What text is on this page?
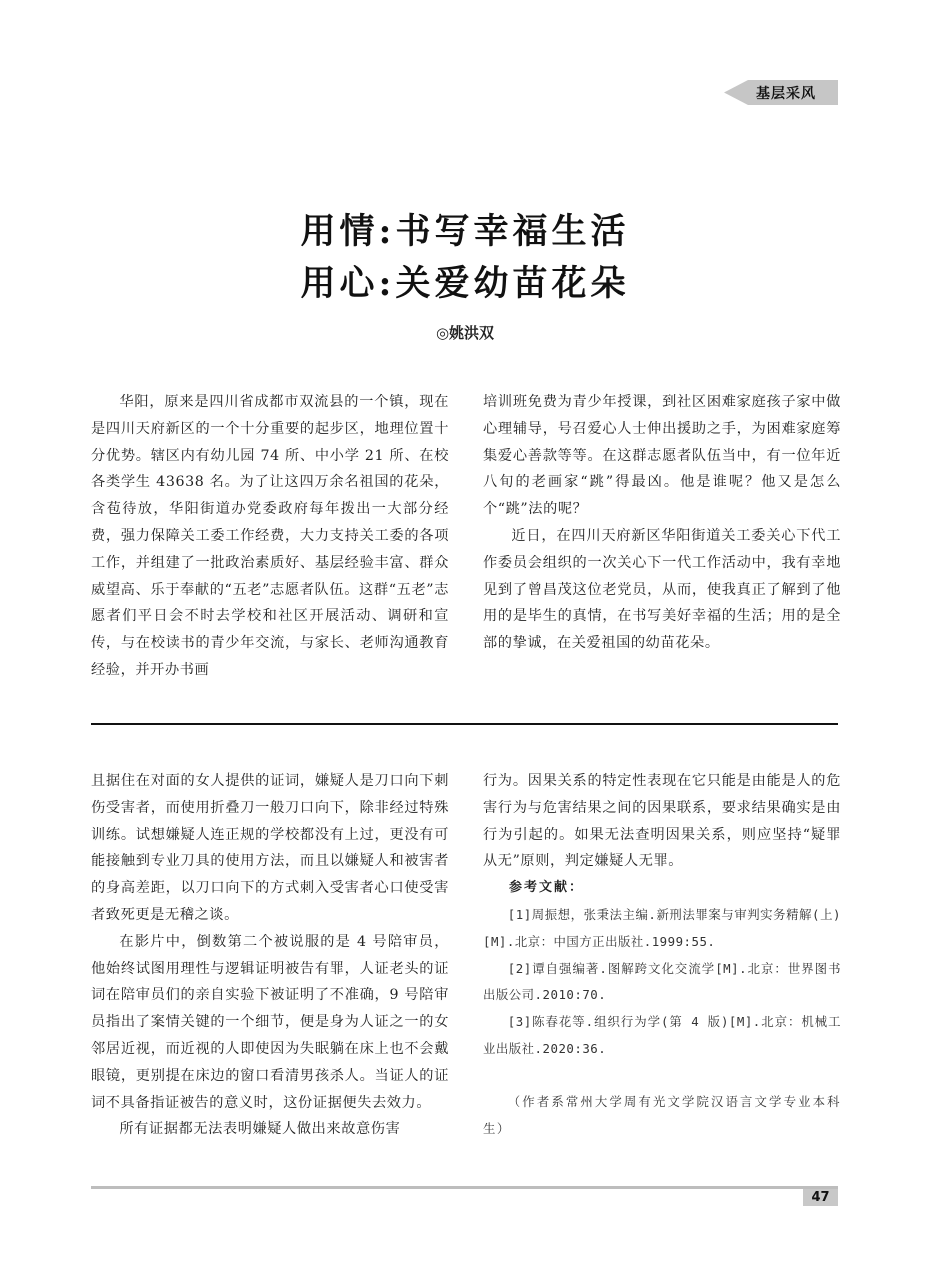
基层采风
用情:书写幸福生活
用心:关爱幼苗花朵
◎姚洪双

华阳，原来是四川省成都市双流县的一个镇，现在是四川天府新区的一个十分重要的起步区，地理位置十分优势。辖区内有幼儿园 74 所、中小学 21 所、在校各类学生 43638 名。为了让这四万余名祖国的花朵，含苞待放，华阳街道办党委政府每年拨出一大部分经费，强力保障关工委工作经费，大力支持关工委的各项工作，并组建了一批政治素质好、基层经验丰富、群众威望高、乐于奉献的“五老”志愿者队伍。这群“五老”志愿者们平日会不时去学校和社区开展活动、调研和宣传，与在校读书的青少年交流，与家长、老师沟通教育经验，并开办书画

培训班免费为青少年授课，到社区困难家庭孩子家中做心理辅导，号召爱心人士伸出援助之手，为困难家庭筹集爱心善款等等。在这群志愿者队伍当中，有一位年近八旬的老画家“跳”得最凶。他是谁呢？他又是怎么个“跳”法的呢？

近日，在四川天府新区华阳街道关工委关心下代工作委员会组织的一次关心下一代工作活动中，我有幸地见到了曾昌茂这位老党员，从而，使我真正了解到了他用的是毕生的真情，在书写美好幸福的生活；用的是全部的挚诚，在关爱祖国的幼苗花朵。

且据住在对面的女人提供的证词，嫌疑人是刀口向下刺伤受害者，而使用折叠刀一般刀口向下，除非经过特殊训练。试想嫌疑人连正规的学校都没有上过，更没有可能接触到专业刀具的使用方法，而且以嫌疑人和被害者的身高差距，以刀口向下的方式刺入受害者心口使受害者致死更是无稽之谈。

在影片中，倒数第二个被说服的是 4 号陪审员，他始终试图用理性与逻辑证明被告有罪，人证老头的证词在陪审员们的亲自实验下被证明了不准确，9 号陪审员指出了案情关键的一个细节，便是身为人证之一的女邻居近视，而近视的人即使因为失眠躺在床上也不会戴眼镜，更别提在床边的窗口看清男孩杀人。当证人的证词不具备指证被告的意义时，这份证据便失去效力。

所有证据都无法表明嫌疑人做出来故意伤害

行为。因果关系的特定性表现在它只能是由能是人的危害行为与危害结果之间的因果联系，要求结果确实是由行为引起的。如果无法查明因果关系，则应坚持“疑罪从无”原则，判定嫌疑人无罪。

参考文献：

[1]周振想，张秉法主编.新刑法罪案与审判实务精解(上)[M].北京：中国方正出版社.1999:55.

[2]谭自强编著.图解跨文化交流学[M].北京：世界图书出版公司.2010:70.

[3]陈春花等.组织行为学(第 4 版)[M].北京：机械工业出版社.2020:36.

（作者系常州大学周有光文学院汉语言文学专业本科生）

47
